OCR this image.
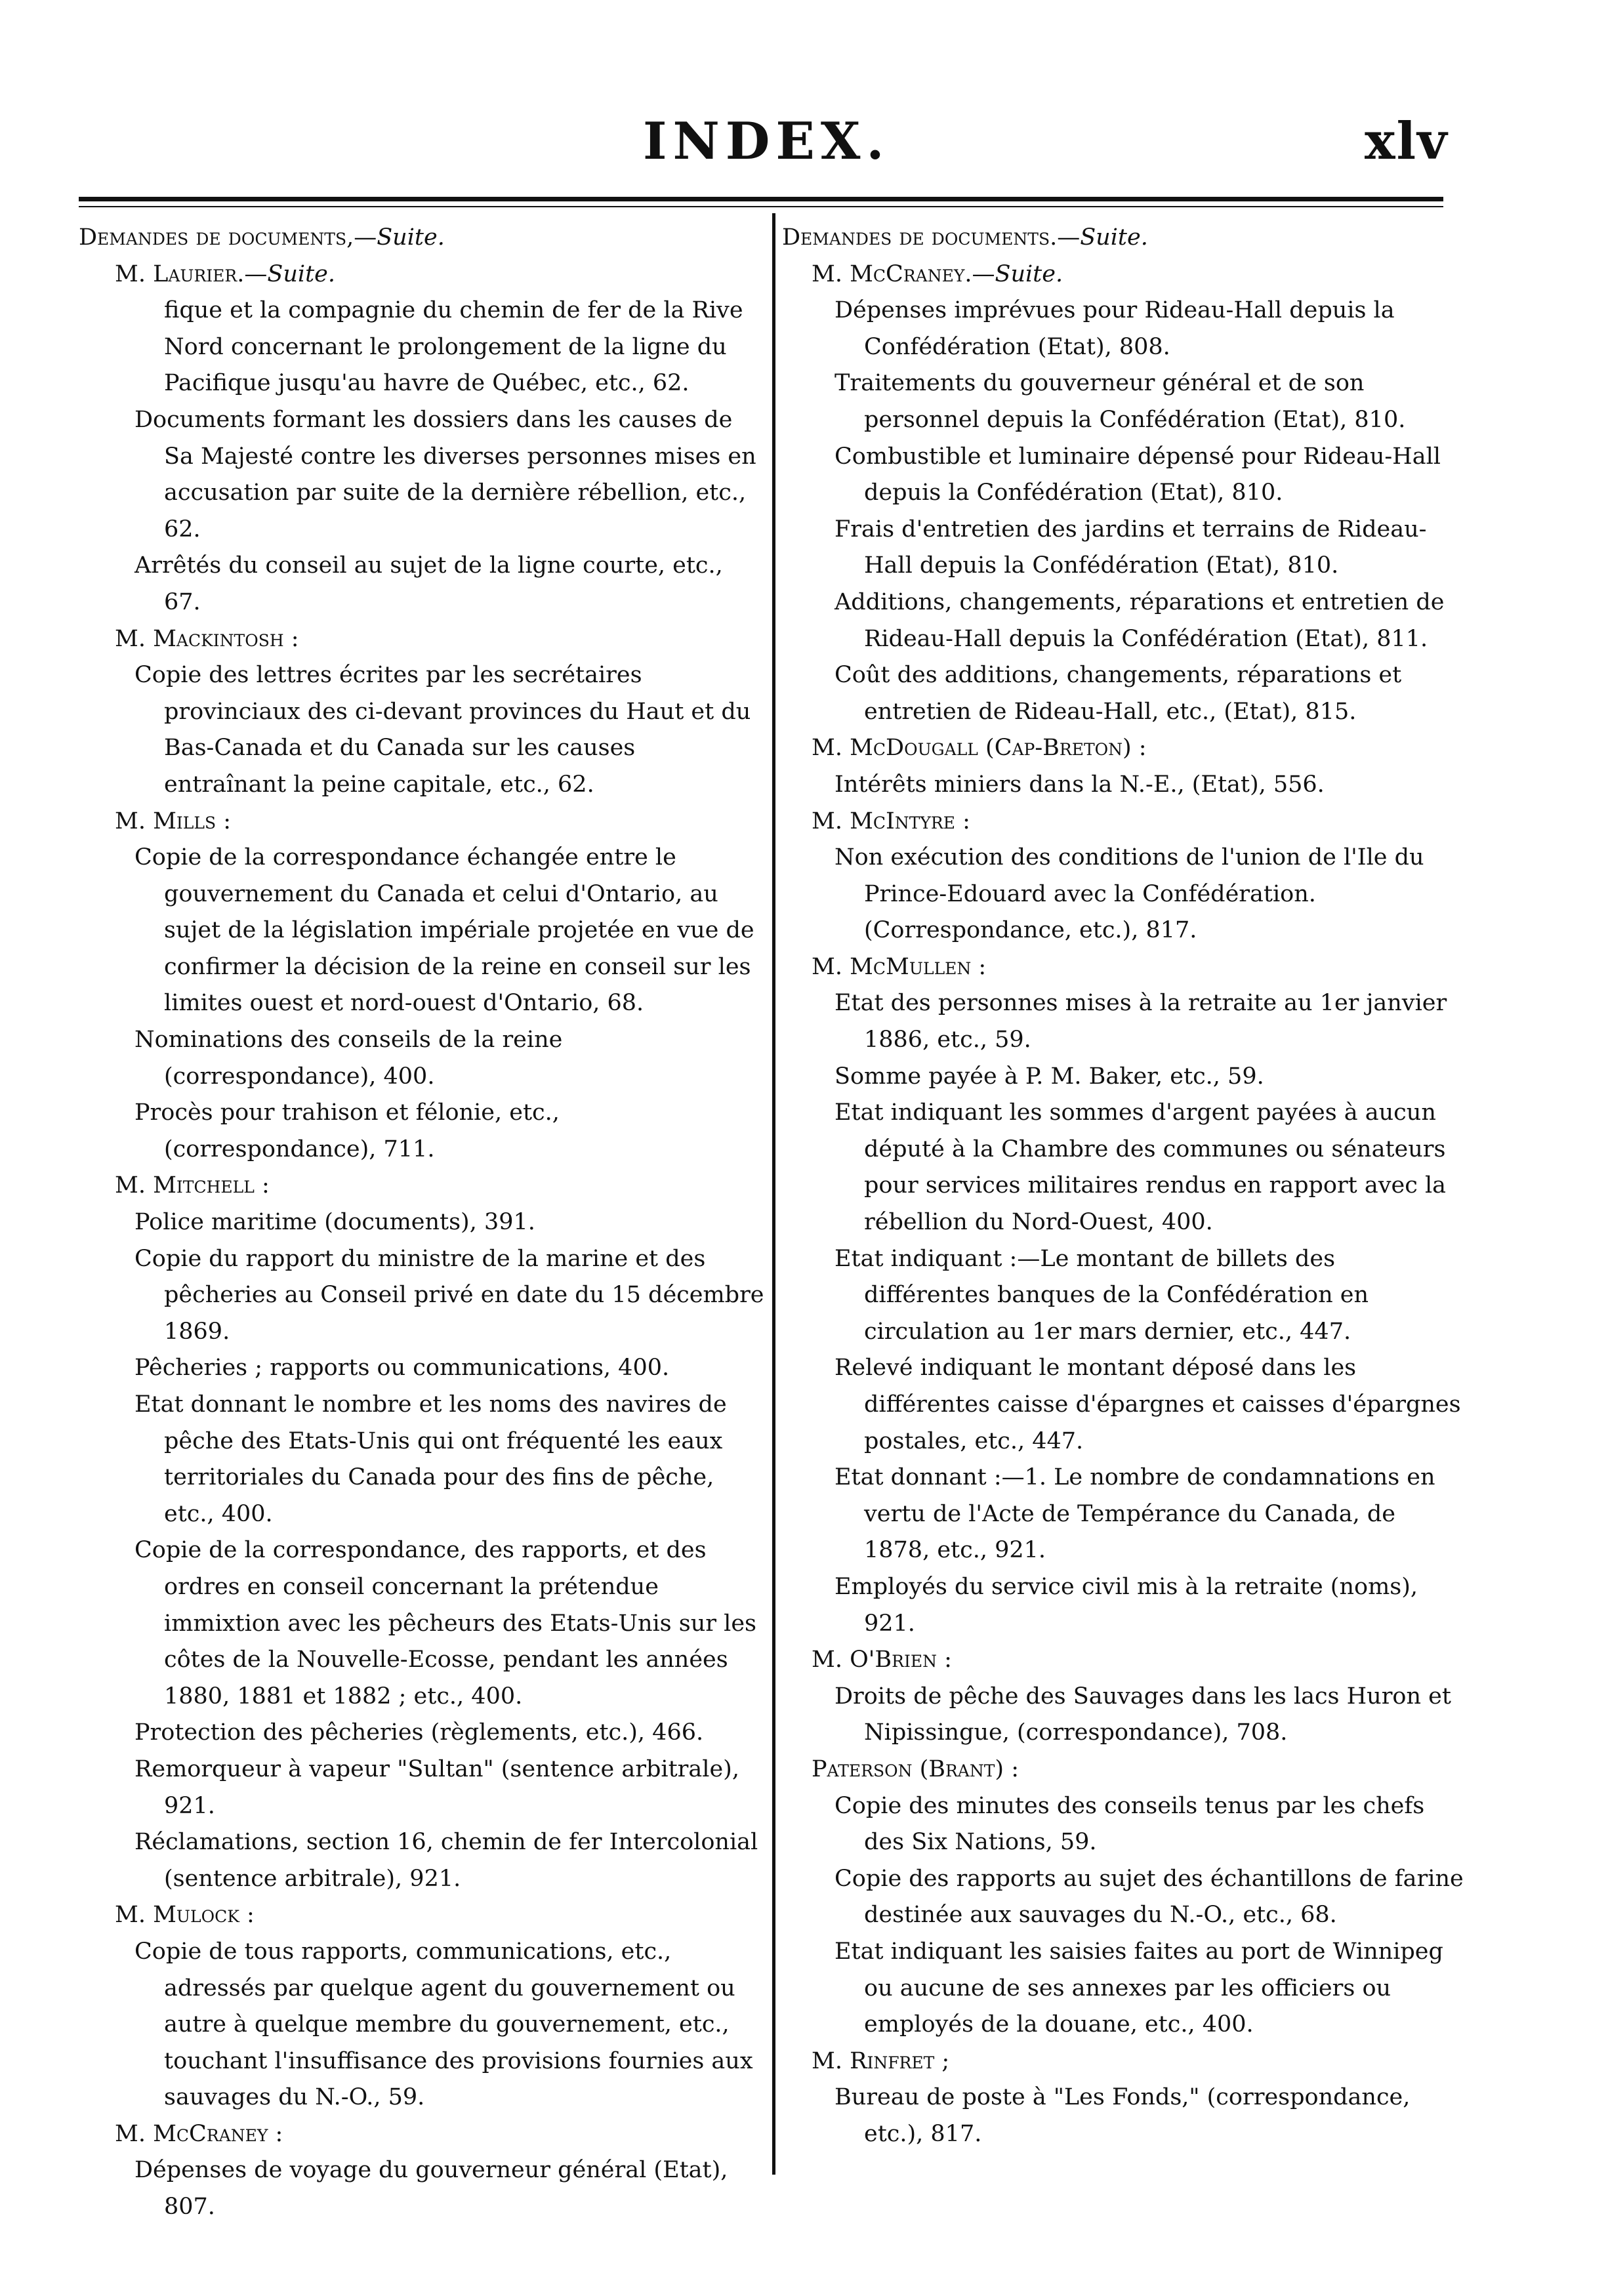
INDEX.	xlv

Demandes de documents,—Suite.

M. Laurier.—Suite.

fique et la compagnie du chemin de fer de la Rive Nord concernant le prolongement de la ligne du Pacifique jusqu'au havre de Québec, etc., 62.

Documents formant les dossiers dans les causes de Sa Majesté contre les diverses personnes mises en accusation par suite de la dernière rébellion, etc., 62.

Arrêtés du conseil au sujet de la ligne courte, etc., 67.

M. Mackintosh :

Copie des lettres écrites par les secrétaires provinciaux des ci-devant provinces du Haut et du Bas-Canada et du Canada sur les causes entraînant la peine capitale, etc., 62.

M. Mills :

Copie de la correspondance échangée entre le gouvernement du Canada et celui d'Ontario, au sujet de la législation impériale projetée en vue de confirmer la décision de la reine en conseil sur les limites ouest et nord-ouest d'Ontario, 68.

Nominations des conseils de la reine (correspondance), 400.

Procès pour trahison et félonie, etc., (correspondance), 711.

M. Mitchell :

Police maritime (documents), 391.

Copie du rapport du ministre de la marine et des pêcheries au Conseil privé en date du 15 décembre 1869.

Pêcheries ; rapports ou communications, 400.

Etat donnant le nombre et les noms des navires de pêche des Etats-Unis qui ont fréquenté les eaux territoriales du Canada pour des fins de pêche, etc., 400.

Copie de la correspondance, des rapports, et des ordres en conseil concernant la prétendue immixtion avec les pêcheurs des Etats-Unis sur les côtes de la Nouvelle-Ecosse, pendant les années 1880, 1881 et 1882 ; etc., 400.

Protection des pêcheries (règlements, etc.), 466.

Remorqueur à vapeur "Sultan" (sentence arbitrale), 921.

Réclamations, section 16, chemin de fer Intercolonial (sentence arbitrale), 921.

M. Mulock :

Copie de tous rapports, communications, etc., adressés par quelque agent du gouvernement ou autre à quelque membre du gouvernement, etc., touchant l'insuffisance des provisions fournies aux sauvages du N.-O., 59.

M. McCraney :

Dépenses de voyage du gouverneur général (Etat), 807.

Demandes de documents.—Suite.

M. McCraney.—Suite.

Dépenses imprévues pour Rideau-Hall depuis la Confédération (Etat), 808.

Traitements du gouverneur général et de son personnel depuis la Confédération (Etat), 810.

Combustible et luminaire dépensé pour Rideau-Hall depuis la Confédération (Etat), 810.

Frais d'entretien des jardins et terrains de Rideau-Hall depuis la Confédération (Etat), 810.

Additions, changements, réparations et entretien de Rideau-Hall depuis la Confédération (Etat), 811.

Coût des additions, changements, réparations et entretien de Rideau-Hall, etc., (Etat), 815.

M. McDougall (Cap-Breton) :

Intérêts miniers dans la N.-E., (Etat), 556.

M. McIntyre :

Non exécution des conditions de l'union de l'Ile du Prince-Edouard avec la Confédération. (Correspondance, etc.), 817.

M. McMullen :

Etat des personnes mises à la retraite au 1er janvier 1886, etc., 59.

Somme payée à P. M. Baker, etc., 59.

Etat indiquant les sommes d'argent payées à aucun député à la Chambre des communes ou sénateurs pour services militaires rendus en rapport avec la rébellion du Nord-Ouest, 400.

Etat indiquant :—Le montant de billets des différentes banques de la Confédération en circulation au 1er mars dernier, etc., 447.

Relevé indiquant le montant déposé dans les différentes caisse d'épargnes et caisses d'épargnes postales, etc., 447.

Etat donnant :—1. Le nombre de condamnations en vertu de l'Acte de Tempérance du Canada, de 1878, etc., 921.

Employés du service civil mis à la retraite (noms), 921.

M. O'Brien :

Droits de pêche des Sauvages dans les lacs Huron et Nipissingue, (correspondance), 708.

Paterson (Brant) :

Copie des minutes des conseils tenus par les chefs des Six Nations, 59.

Copie des rapports au sujet des échantillons de farine destinée aux sauvages du N.-O., etc., 68.

Etat indiquant les saisies faites au port de Winnipeg ou aucune de ses annexes par les officiers ou employés de la douane, etc., 400.

M. Rinfret ;

Bureau de poste à "Les Fonds," (correspondance, etc.), 817.
